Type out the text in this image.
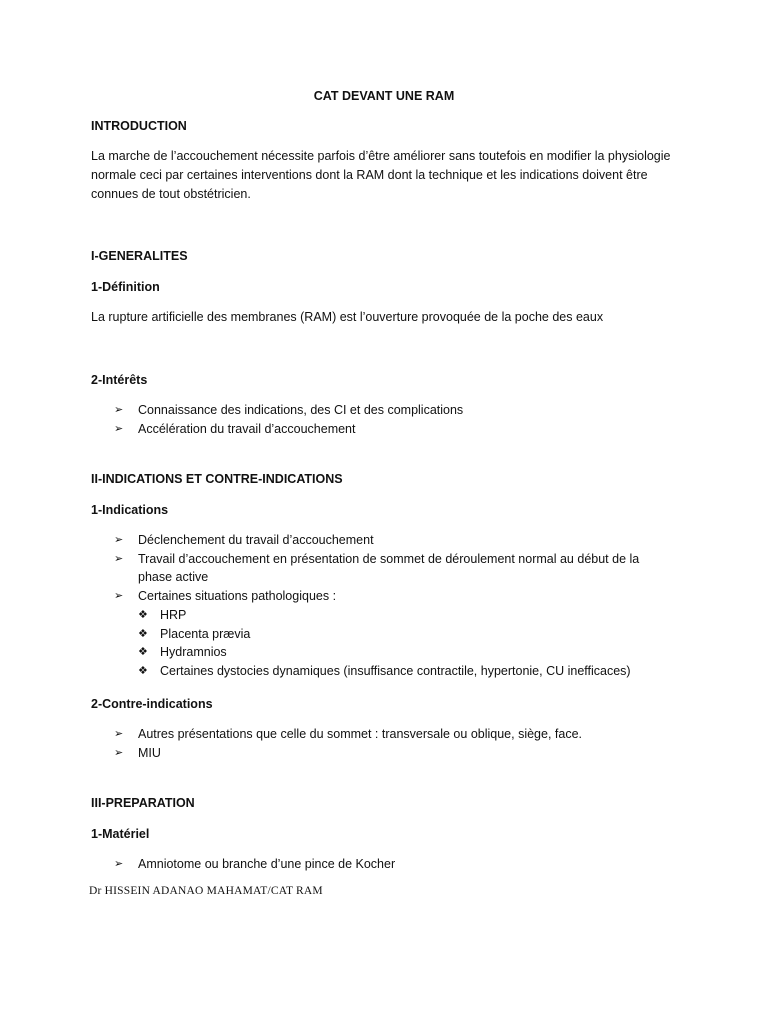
CAT DEVANT UNE RAM
INTRODUCTION
La marche de l’accouchement nécessite parfois d’être améliorer sans toutefois en modifier la physiologie normale ceci par certaines interventions dont la RAM dont la technique et les indications doivent être connues de tout obstétricien.
I-GENERALITES
1-Définition
La rupture artificielle des membranes (RAM) est l’ouverture provoquée de la poche des eaux
2-Intérêts
➢ Connaissance des indications, des CI et des complications
➢ Accélération du travail d’accouchement
II-INDICATIONS ET CONTRE-INDICATIONS
1-Indications
➢ Déclenchement du travail d’accouchement
➢ Travail d’accouchement en présentation de sommet de déroulement normal au début de la phase active
➢ Certaines situations pathologiques :
❖ HRP
❖ Placenta prævia
❖ Hydramnios
❖ Certaines dystocies dynamiques (insuffisance contractile, hypertonie, CU inefficaces)
2-Contre-indications
➢ Autres présentations que celle du sommet : transversale ou oblique, siège, face.
➢ MIU
III-PREPARATION
1-Matériel
➢ Amniotome ou branche d’une pince de Kocher
Dr HISSEIN ADANAO MAHAMAT/CAT RAM
